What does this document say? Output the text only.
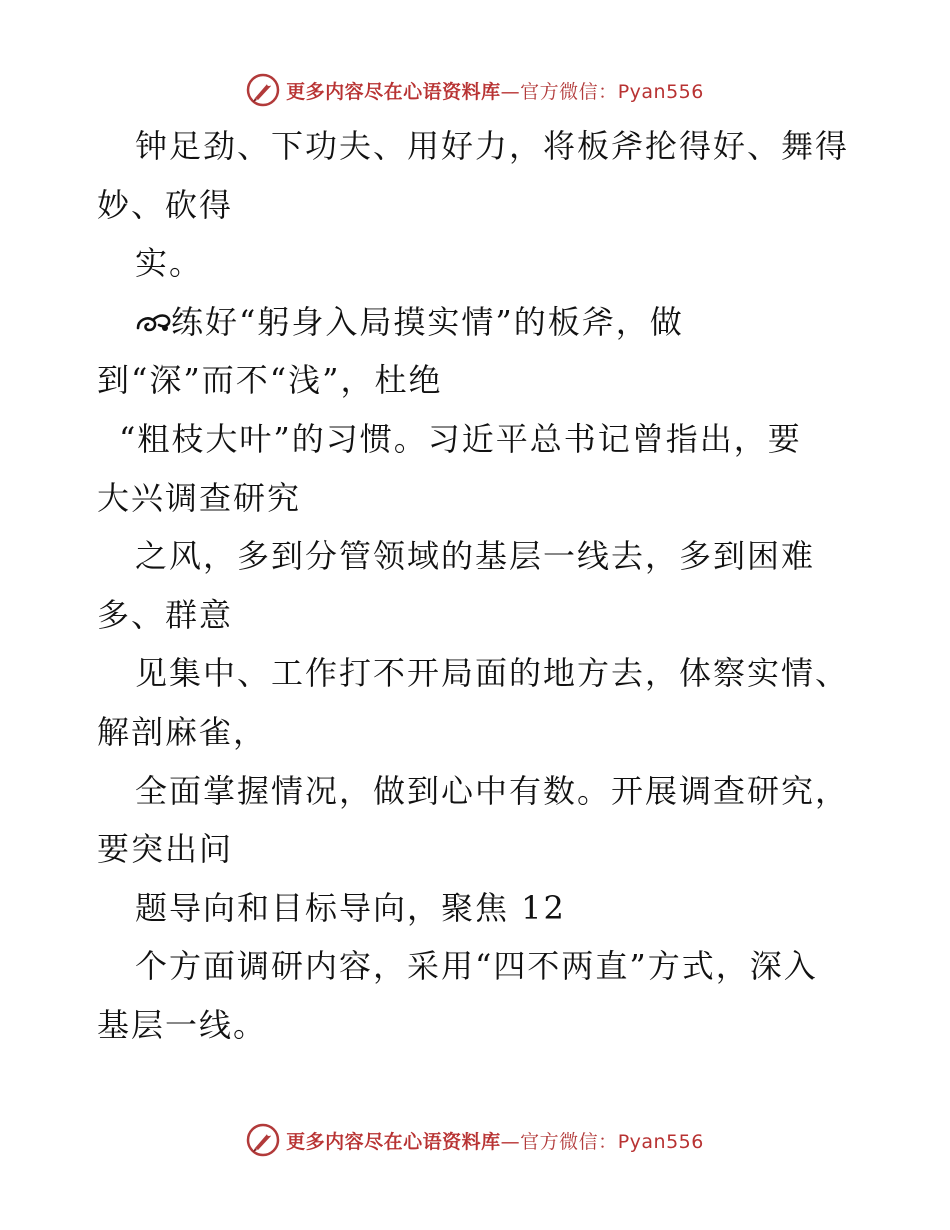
更多内容尽在心语资料库—官方微信：Pyan556
钟足劲、下功夫、用好力，将板斧抡得好、舞得
妙、砍得
实。
练好“躬身入局摸实情”的板斧，做
到“深”而不“浅”，杜绝
“粗枝大叶”的习惯。习近平总书记曾指出，要
大兴调查研究
之风，多到分管领域的基层一线去，多到困难
多、群意
见集中、工作打不开局面的地方去，体察实情、
解剖麻雀，
全面掌握情况，做到心中有数。开展调查研究，
要突出问
题导向和目标导向，聚焦 12
个方面调研内容，采用“四不两直”方式，深入
基层一线。
更多内容尽在心语资料库—官方微信：Pyan556
